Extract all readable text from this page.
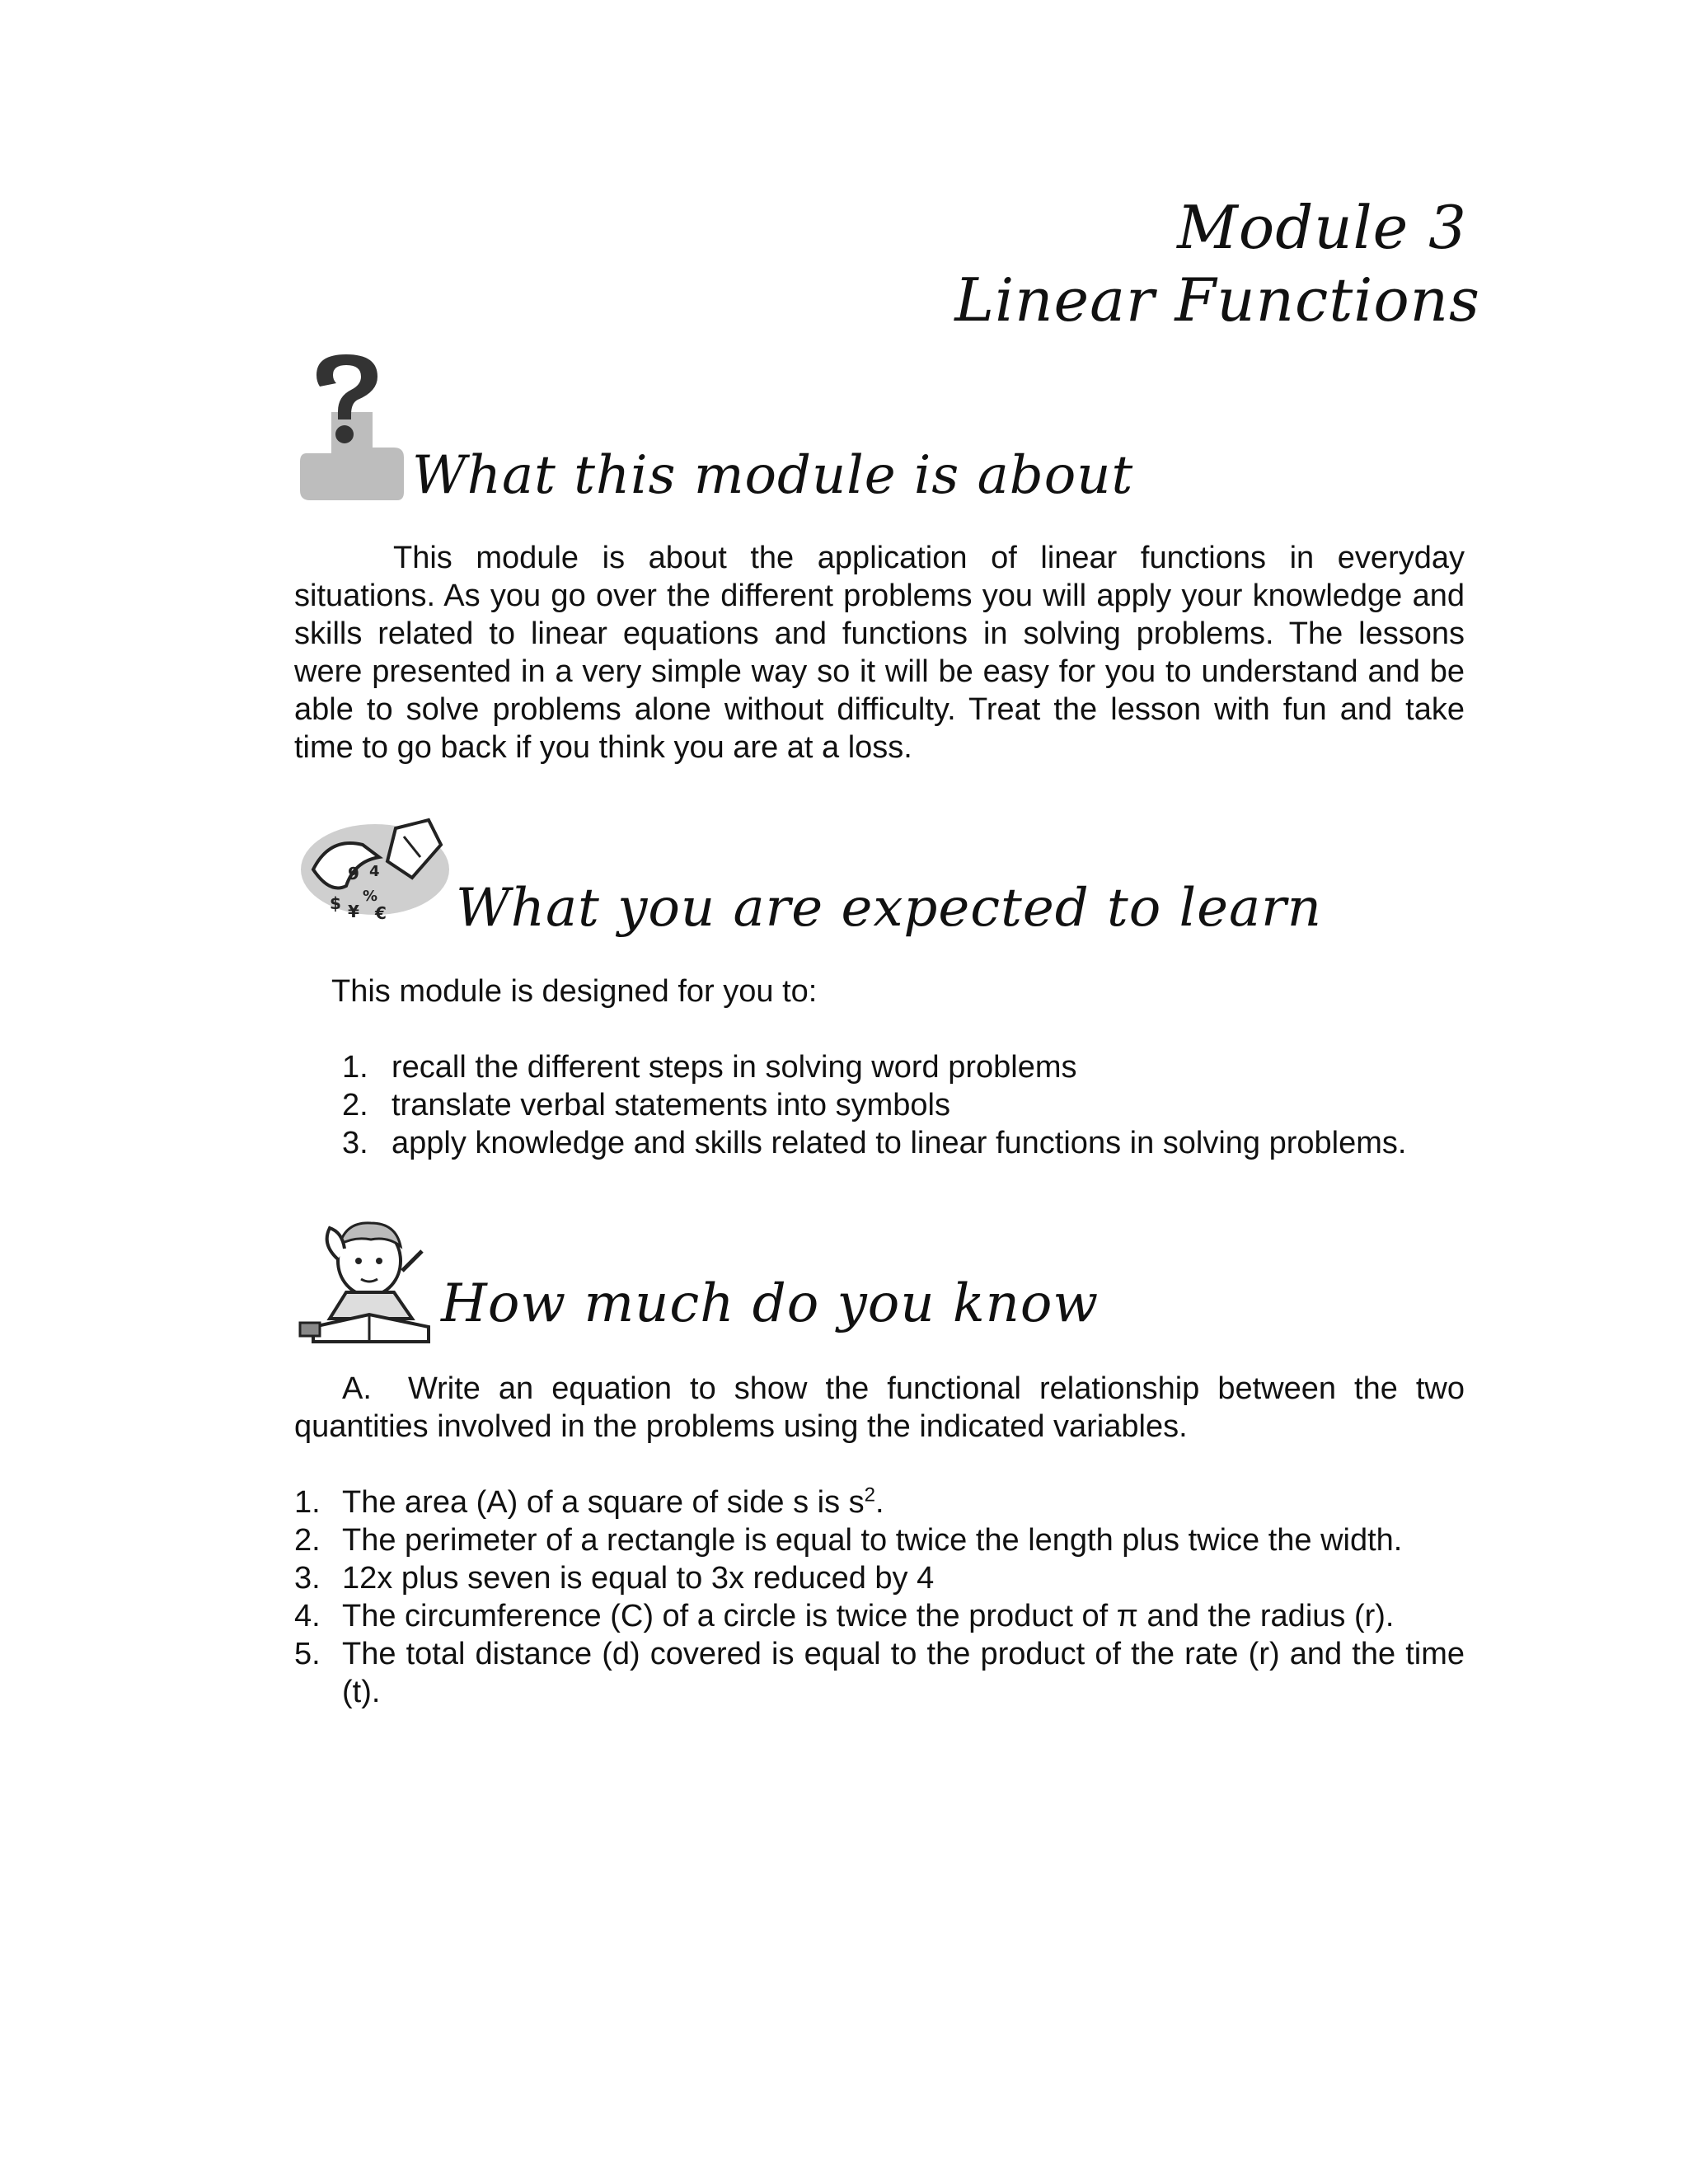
Module 3
Linear Functions
What this module is about
This module is about the application of linear functions in everyday situations. As you go over the different problems you will apply your knowledge and skills related to linear equations and functions in solving problems. The lessons were presented in a very simple way so it will be easy for you to understand and be able to solve problems alone without difficulty. Treat the lesson with fun and take time to go back if you think you are at a loss.
9 4
$ ¥ €
% What you are expected to learn
This module is designed for you to:
1. recall the different steps in solving word problems
2. translate verbal statements into symbols
3. apply knowledge and skills related to linear functions in solving problems.
How much do you know
A. Write an equation to show the functional relationship between the two quantities involved in the problems using the indicated variables.
1. The area (A) of a square of side s is $s^2$.
2. The perimeter of a rectangle is equal to twice the length plus twice the width.
3. 12x plus seven is equal to 3x reduced by 4
4. The circumference (C) of a circle is twice the product of π and the radius (r).
5. The total distance (d) covered is equal to the product of the rate (r) and the time (t).
